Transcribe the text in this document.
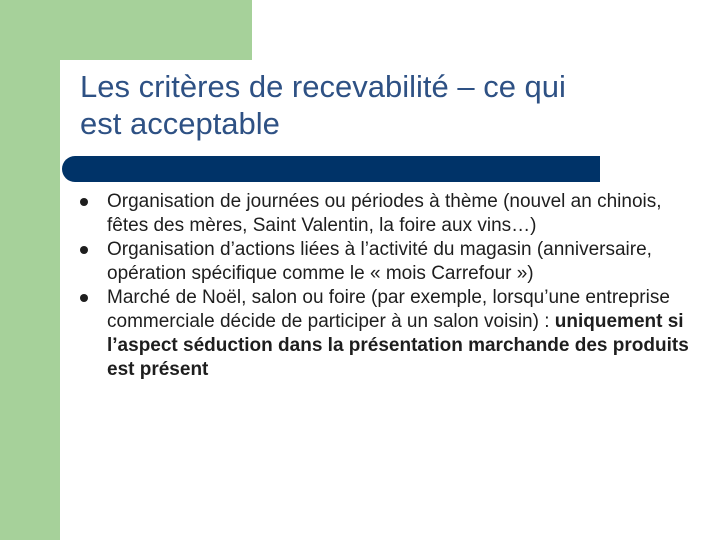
Les critères de recevabilité – ce qui
est acceptable
Organisation de journées ou périodes à thème (nouvel an chinois, fêtes des mères, Saint Valentin, la foire aux vins…)
Organisation d’actions liées à l’activité du magasin (anniversaire, opération spécifique comme le « mois Carrefour »)
Marché de Noël, salon ou foire (par exemple, lorsqu’une entreprise commerciale décide de participer à un salon voisin) : uniquement si l’aspect séduction dans la présentation marchande des produits est présent
